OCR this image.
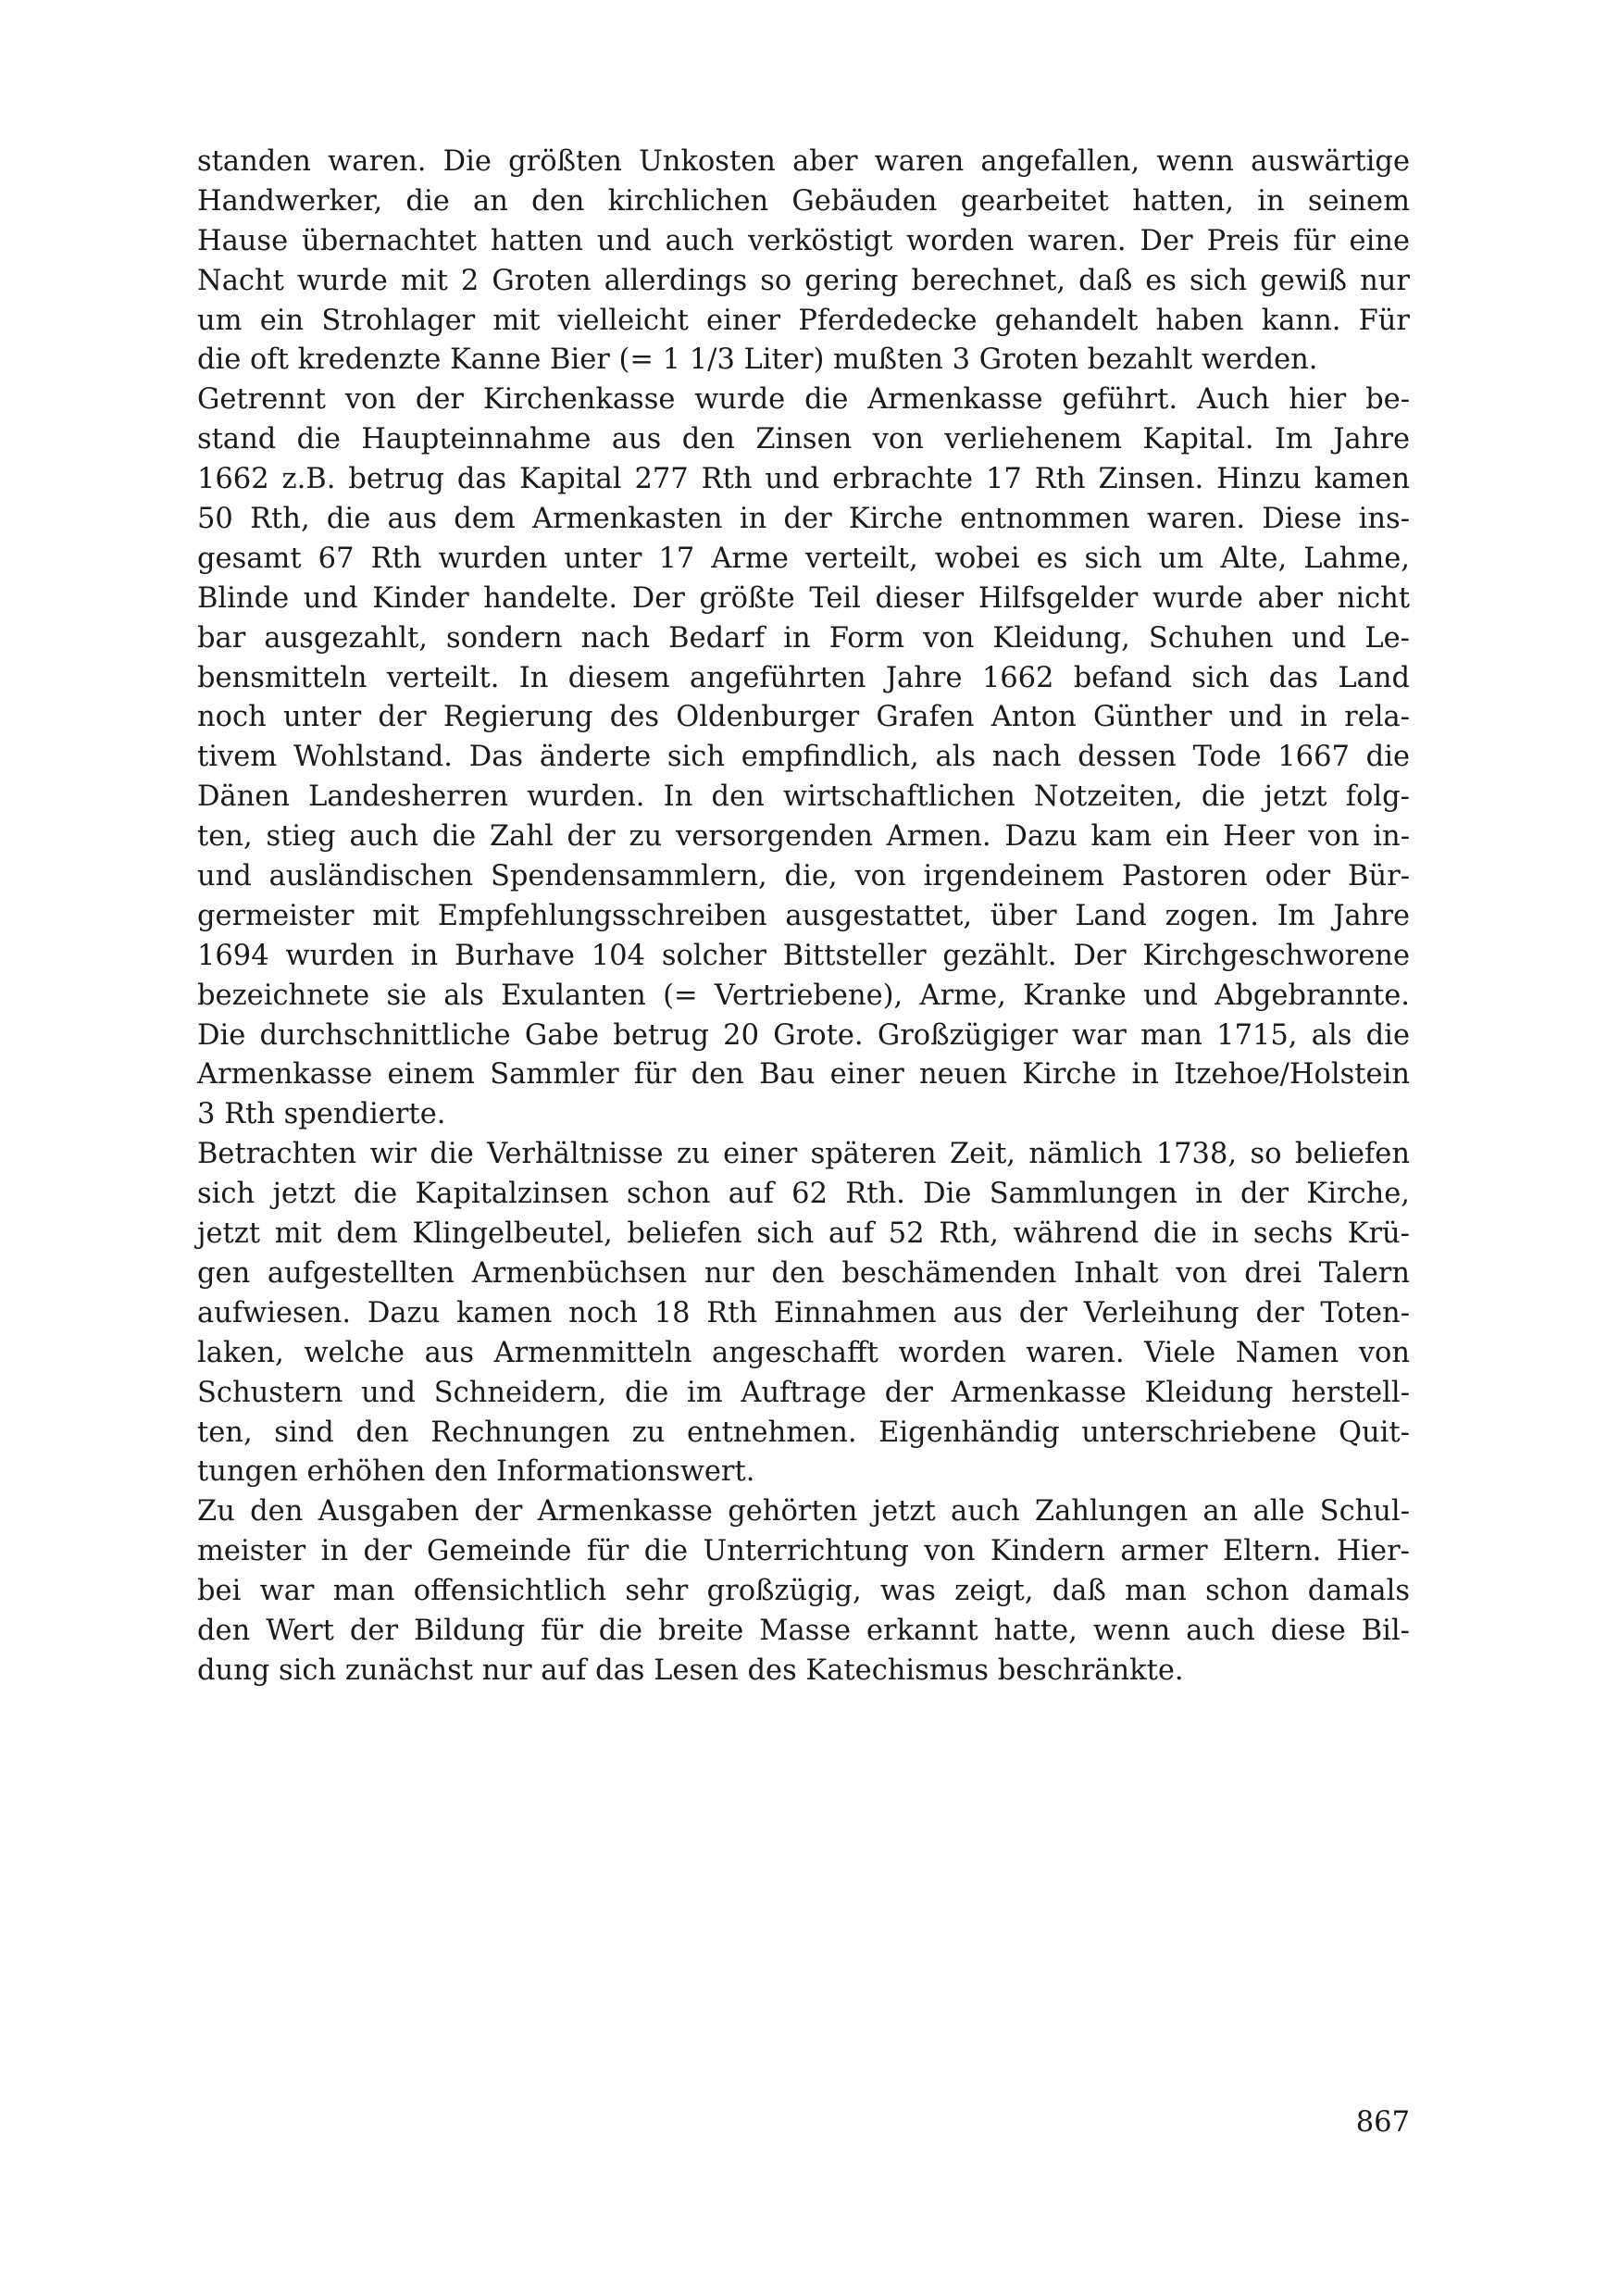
standen waren. Die größten Unkosten aber waren angefallen, wenn auswärtige
Handwerker, die an den kirchlichen Gebäuden gearbeitet hatten, in seinem
Hause übernachtet hatten und auch verköstigt worden waren. Der Preis für eine
Nacht wurde mit 2 Groten allerdings so gering berechnet, daß es sich gewiß nur
um ein Strohlager mit vielleicht einer Pferdedecke gehandelt haben kann. Für
die oft kredenzte Kanne Bier (= 1 1/3 Liter) mußten 3 Groten bezahlt werden.
Getrennt von der Kirchenkasse wurde die Armenkasse geführt. Auch hier be-
stand die Haupteinnahme aus den Zinsen von verliehenem Kapital. Im Jahre
1662 z.B. betrug das Kapital 277 Rth und erbrachte 17 Rth Zinsen. Hinzu kamen
50 Rth, die aus dem Armenkasten in der Kirche entnommen waren. Diese ins-
gesamt 67 Rth wurden unter 17 Arme verteilt, wobei es sich um Alte, Lahme,
Blinde und Kinder handelte. Der größte Teil dieser Hilfsgelder wurde aber nicht
bar ausgezahlt, sondern nach Bedarf in Form von Kleidung, Schuhen und Le-
bensmitteln verteilt. In diesem angeführten Jahre 1662 befand sich das Land
noch unter der Regierung des Oldenburger Grafen Anton Günther und in rela-
tivem Wohlstand. Das änderte sich empfindlich, als nach dessen Tode 1667 die
Dänen Landesherren wurden. In den wirtschaftlichen Notzeiten, die jetzt folg-
ten, stieg auch die Zahl der zu versorgenden Armen. Dazu kam ein Heer von in-
und ausländischen Spendensammlern, die, von irgendeinem Pastoren oder Bür-
germeister mit Empfehlungsschreiben ausgestattet, über Land zogen. Im Jahre
1694 wurden in Burhave 104 solcher Bittsteller gezählt. Der Kirchgeschworene
bezeichnete sie als Exulanten (= Vertriebene), Arme, Kranke und Abgebrannte.
Die durchschnittliche Gabe betrug 20 Grote. Großzügiger war man 1715, als die
Armenkasse einem Sammler für den Bau einer neuen Kirche in Itzehoe/Holstein
3 Rth spendierte.
Betrachten wir die Verhältnisse zu einer späteren Zeit, nämlich 1738, so beliefen
sich jetzt die Kapitalzinsen schon auf 62 Rth. Die Sammlungen in der Kirche,
jetzt mit dem Klingelbeutel, beliefen sich auf 52 Rth, während die in sechs Krü-
gen aufgestellten Armenbüchsen nur den beschämenden Inhalt von drei Talern
aufwiesen. Dazu kamen noch 18 Rth Einnahmen aus der Verleihung der Toten-
laken, welche aus Armenmitteln angeschafft worden waren. Viele Namen von
Schustern und Schneidern, die im Auftrage der Armenkasse Kleidung herstell-
ten, sind den Rechnungen zu entnehmen. Eigenhändig unterschriebene Quit-
tungen erhöhen den Informationswert.
Zu den Ausgaben der Armenkasse gehörten jetzt auch Zahlungen an alle Schul-
meister in der Gemeinde für die Unterrichtung von Kindern armer Eltern. Hier-
bei war man offensichtlich sehr großzügig, was zeigt, daß man schon damals
den Wert der Bildung für die breite Masse erkannt hatte, wenn auch diese Bil-
dung sich zunächst nur auf das Lesen des Katechismus beschränkte.
867
